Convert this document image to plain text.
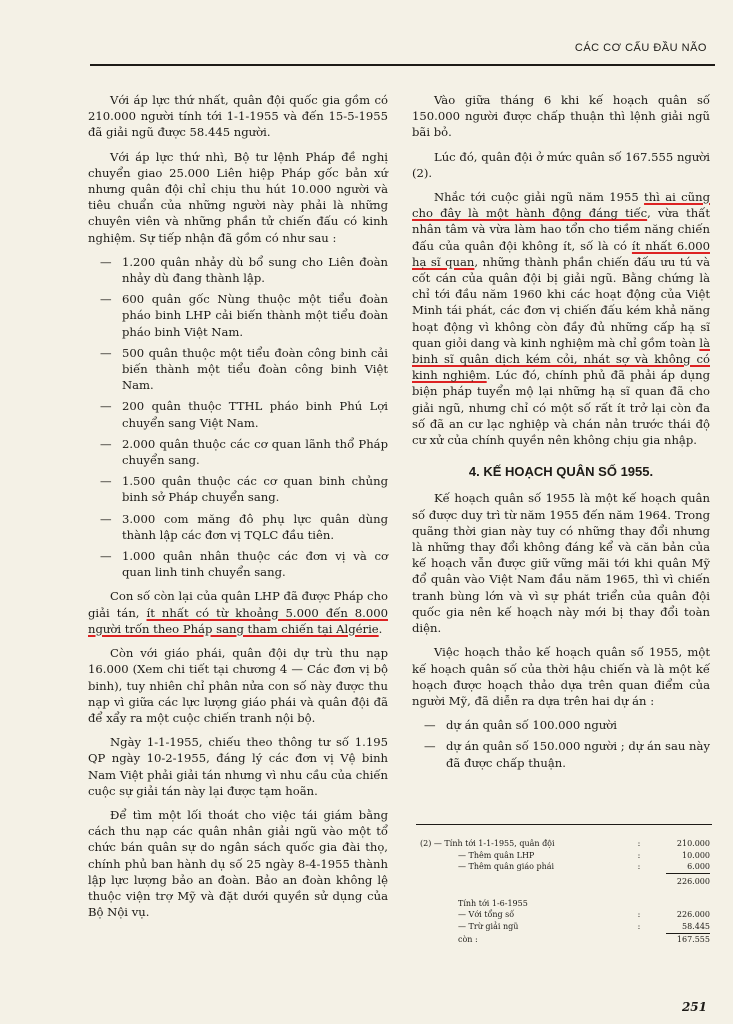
CÁC CƠ CẤU ĐẦU NÃO

Với áp lực thứ nhất, quân đội quốc gia gồm có 210.000 người tính tới 1-1-1955 và đến 15-5-1955 đã giải ngũ được 58.445 người.

Với áp lực thứ nhì, Bộ tư lệnh Pháp đề nghị chuyển giao 25.000 Liên hiệp Pháp gốc bản xứ nhưng quân đội chỉ chịu thu hút 10.000 người và tiêu chuẩn của những người này phải là những chuyên viên và những phần tử chiến đấu có kinh nghiệm. Sự tiếp nhận đã gồm có như sau :

— 1.200 quân nhảy dù bổ sung cho Liên đoàn nhảy dù đang thành lập.
— 600 quân gốc Nùng thuộc một tiểu đoàn pháo binh LHP cải biến thành một tiểu đoàn pháo binh Việt Nam.
— 500 quân thuộc một tiểu đoàn công binh cải biến thành một tiểu đoàn công binh Việt Nam.
— 200 quân thuộc TTHL pháo binh Phú Lợi chuyển sang Việt Nam.
— 2.000 quân thuộc các cơ quan lãnh thổ Pháp chuyển sang.
— 1.500 quân thuộc các cơ quan binh chủng binh sở Pháp chuyển sang.
— 3.000 com măng đô phụ lực quân dùng thành lập các đơn vị TQLC đầu tiên.
— 1.000 quân nhân thuộc các đơn vị và cơ quan linh tinh chuyển sang.

Con số còn lại của quân LHP đã được Pháp cho giải tán, ít nhất có từ khoảng 5.000 đến 8.000 người trốn theo Pháp sang tham chiến tại Algérie.

Còn với giáo phái, quân đội dự trù thu nạp 16.000 (Xem chi tiết tại chương 4 — Các đơn vị bộ binh), tuy nhiên chỉ phân nửa con số này được thu nạp vì giữa các lực lượng giáo phái và quân đội đã để xẩy ra một cuộc chiến tranh nội bộ.

Ngày 1-1-1955, chiếu theo thông tư số 1.195 QP ngày 10-2-1955, đáng lý các đơn vị Vệ binh Nam Việt phải giải tán nhưng vì nhu cầu của chiến cuộc sự giải tán này lại được tạm hoãn.

Để tìm một lối thoát cho việc tái giám bằng cách thu nạp các quân nhân giải ngũ vào một tổ chức bán quân sự do ngân sách quốc gia đài thọ, chính phủ ban hành dụ số 25 ngày 8-4-1955 thành lập lực lượng bảo an đoàn. Bảo an đoàn không lệ thuộc viện trợ Mỹ và đặt dưới quyền sử dụng của Bộ Nội vụ.

Vào giữa tháng 6 khi kế hoạch quân số 150.000 người được chấp thuận thì lệnh giải ngũ bãi bỏ.

Lúc đó, quân đội ở mức quân số 167.555 người (2).

Nhắc tới cuộc giải ngũ năm 1955 thì ai cũng cho đây là một hành động đáng tiếc, vừa thất nhân tâm và vừa làm hao tổn cho tiềm năng chiến đấu của quân đội không ít, số là có ít nhất 6.000 hạ sĩ quan, những thành phần chiến đấu ưu tú và cốt cán của quân đội bị giải ngũ. Bằng chứng là chỉ tới đầu năm 1960 khi các hoạt động của Việt Minh tái phát, các đơn vị chiến đấu kém khả năng hoạt động vì không còn đầy đủ những cấp hạ sĩ quan giỏi dang và kinh nghiệm mà chỉ gồm toàn là binh sĩ quân dịch kém cỏi, nhát sợ và không có kinh nghiệm. Lúc đó, chính phủ đã phải áp dụng biện pháp tuyển mộ lại những hạ sĩ quan đã cho giải ngũ, nhưng chỉ có một số rất ít trở lại còn đa số đã an cư lạc nghiệp và chán nản trước thái độ cư xử của chính quyền nên không chịu gia nhập.

4. KẾ HOẠCH QUÂN SỐ 1955.

Kế hoạch quân số 1955 là một kế hoạch quân số được duy trì từ năm 1955 đến năm 1964. Trong quãng thời gian này tuy có những thay đổi nhưng là những thay đổi không đáng kể và căn bản của kế hoạch vẫn được giữ vững mãi tới khi quân Mỹ đổ quân vào Việt Nam đầu năm 1965, thì vì chiến tranh bùng lớn và vì sự phát triển của quân đội quốc gia nên kế hoạch này mới bị thay đổi toàn diện.

Việc hoạch thảo kế hoạch quân số 1955, một kế hoạch quân số của thời hậu chiến và là một kế hoạch được hoạch thảo dựa trên quan điểm của người Mỹ, đã diễn ra dựa trên hai dự án :

— dự án quân số 100.000 người
— dự án quân số 150.000 người ; dự án sau này đã được chấp thuận.
(2) — Tính tới 1-1-1955, quân đội	:	210.000
— Thêm quân LHP	:	10.000
— Thêm quân giáo phái	:	6.000
226.000
Tính tới 1-6-1955
— Với tổng số	:	226.000
— Trừ giải ngũ	:	58.445
còn :	167.555
251
